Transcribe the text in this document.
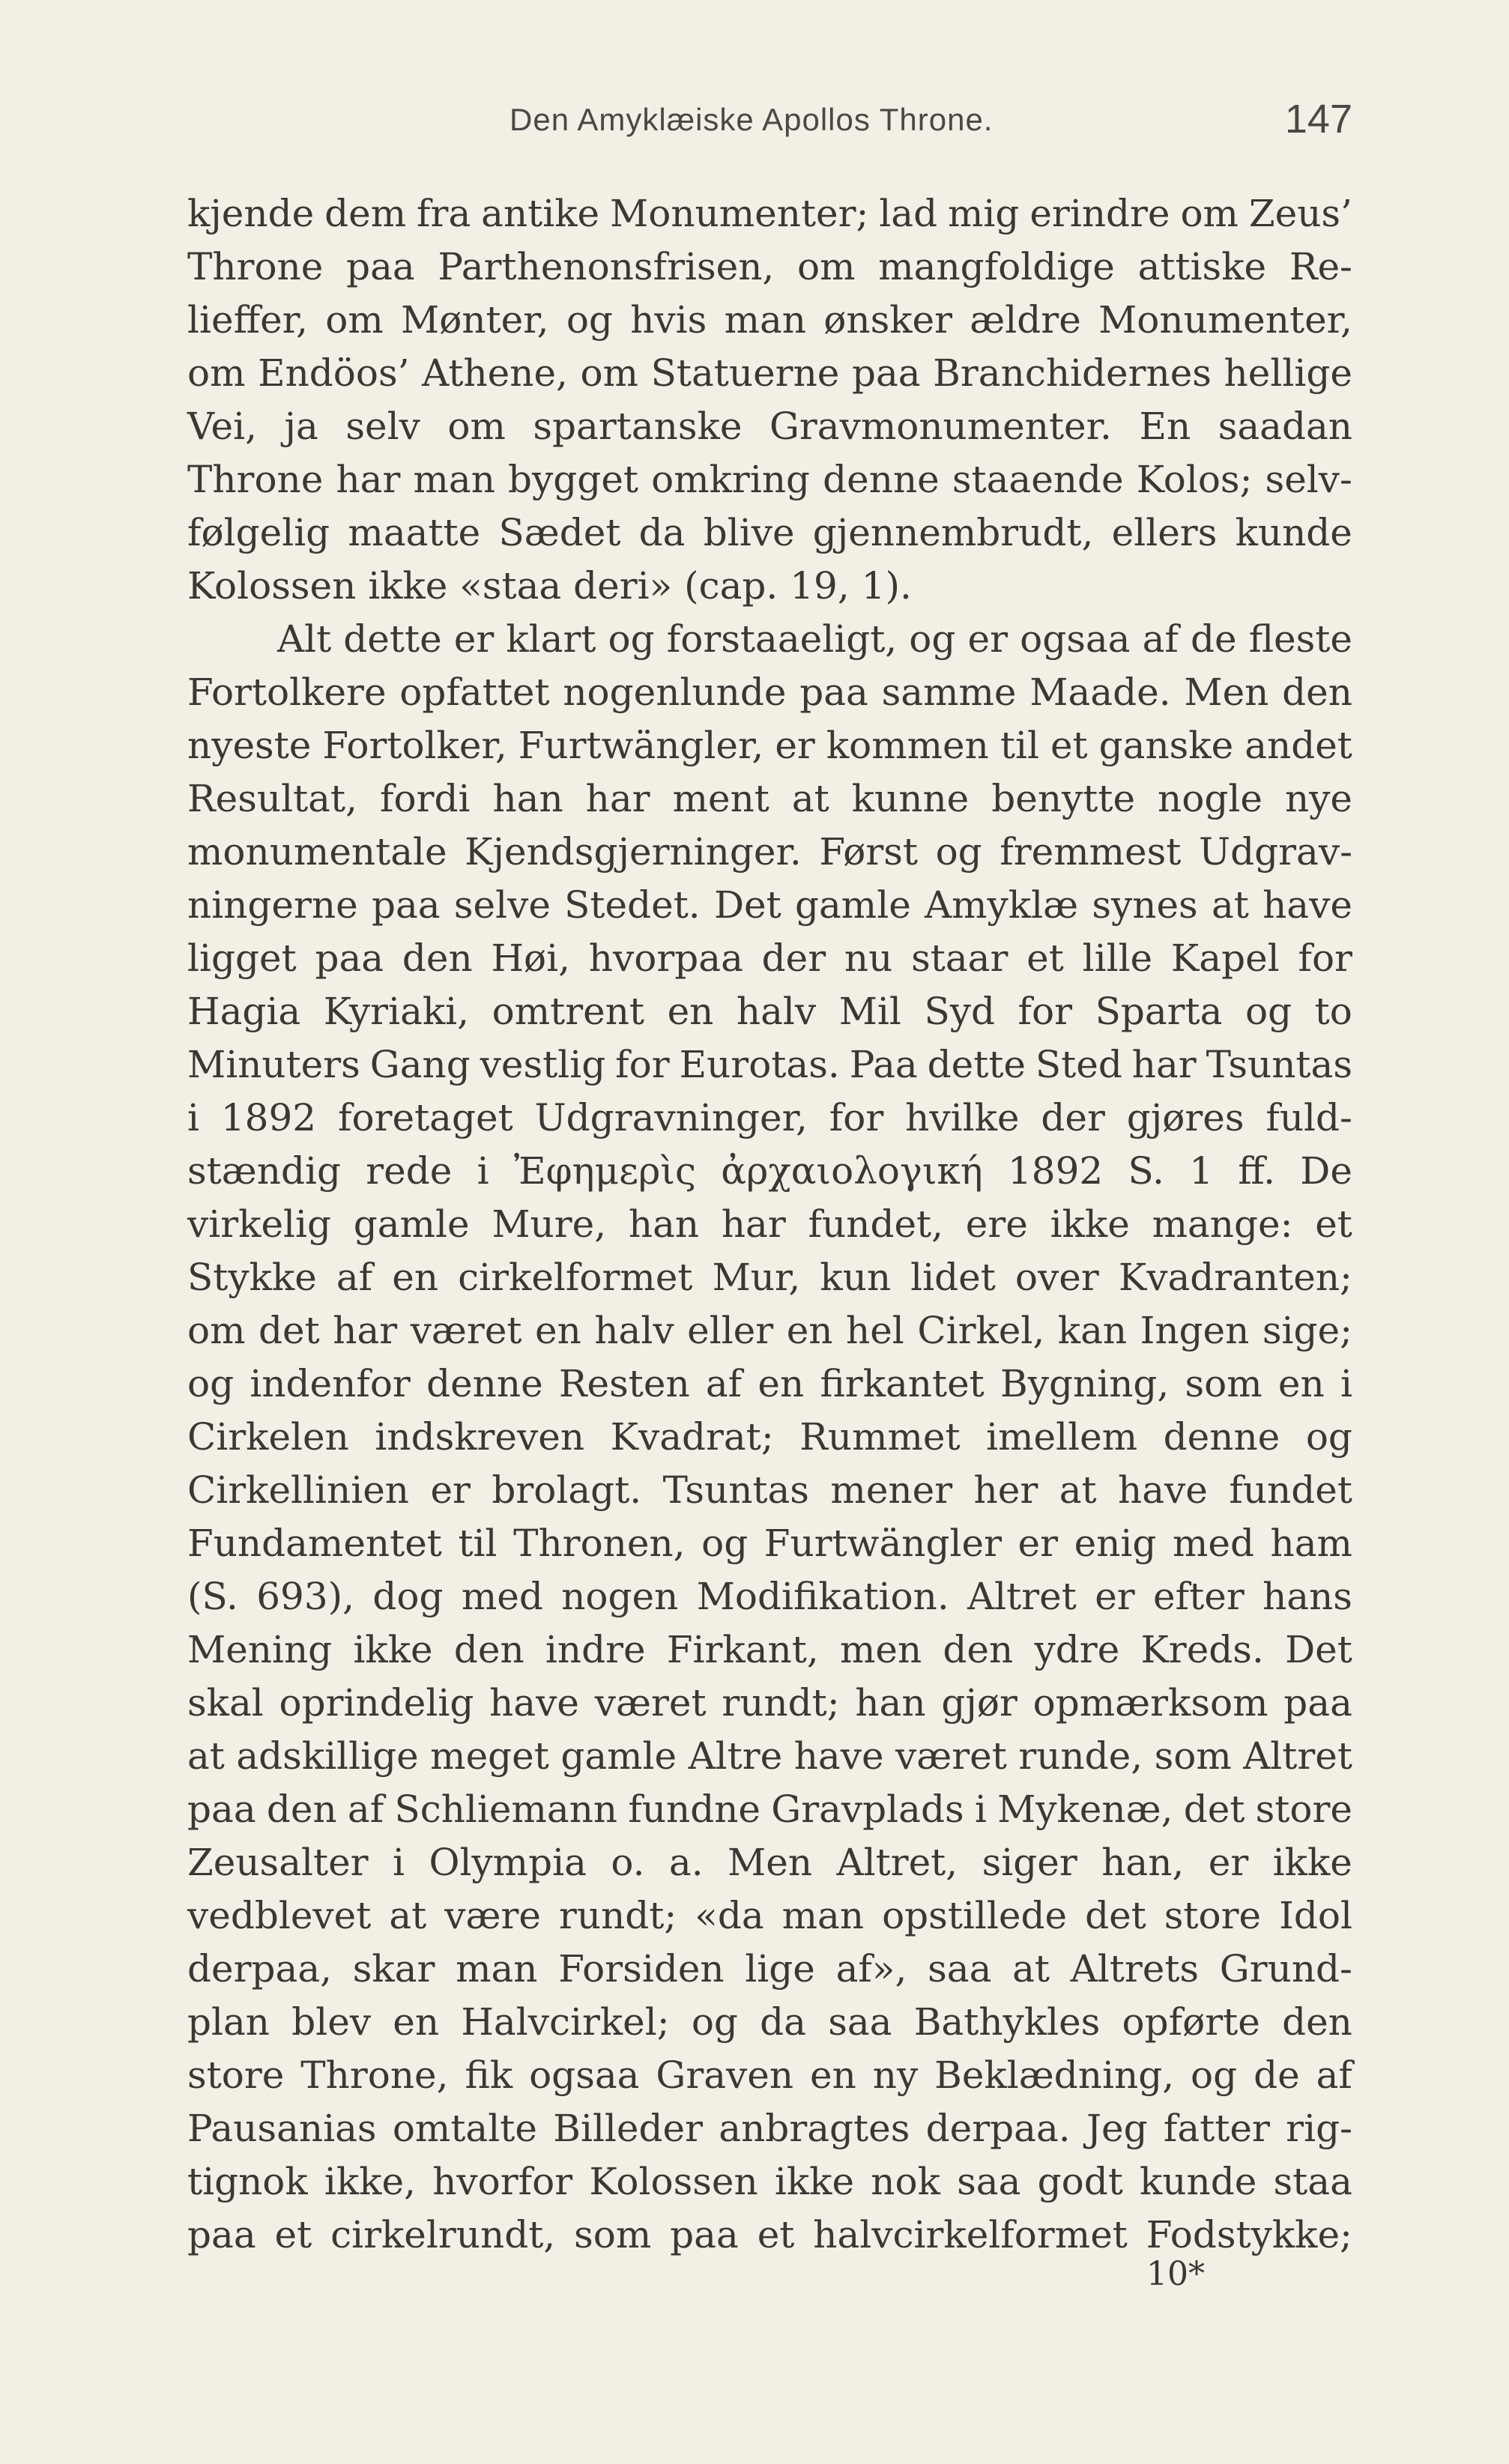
Den Amyklæiske Apollos Throne.	147
kjende dem fra antike Monumenter; lad mig erindre om Zeus’
Throne paa Parthenonsfrisen, om mangfoldige attiske Re-
lieffer, om Mønter, og hvis man ønsker ældre Monumenter,
om Endöos’ Athene, om Statuerne paa Branchidernes hellige
Vei, ja selv om spartanske Gravmonumenter. En saadan
Throne har man bygget omkring denne staaende Kolos; selv-
følgelig maatte Sædet da blive gjennembrudt, ellers kunde
Kolossen ikke «staa deri» (cap. 19, 1).
Alt dette er klart og forstaaeligt, og er ogsaa af de fleste
Fortolkere opfattet nogenlunde paa samme Maade. Men den
nyeste Fortolker, Furtwängler, er kommen til et ganske andet
Resultat, fordi han har ment at kunne benytte nogle nye
monumentale Kjendsgjerninger. Først og fremmest Udgrav-
ningerne paa selve Stedet. Det gamle Amyklæ synes at have
ligget paa den Høi, hvorpaa der nu staar et lille Kapel for
Hagia Kyriaki, omtrent en halv Mil Syd for Sparta og to
Minuters Gang vestlig for Eurotas. Paa dette Sted har Tsuntas
i 1892 foretaget Udgravninger, for hvilke der gjøres fuld-
stændig rede i Ἐφημερὶς ἀρχαιολογική 1892 S. 1 ff. De
virkelig gamle Mure, han har fundet, ere ikke mange: et
Stykke af en cirkelformet Mur, kun lidet over Kvadranten;
om det har været en halv eller en hel Cirkel, kan Ingen sige;
og indenfor denne Resten af en firkantet Bygning, som en i
Cirkelen indskreven Kvadrat; Rummet imellem denne og
Cirkellinien er brolagt. Tsuntas mener her at have fundet
Fundamentet til Thronen, og Furtwängler er enig med ham
(S. 693), dog med nogen Modifikation. Altret er efter hans
Mening ikke den indre Firkant, men den ydre Kreds. Det
skal oprindelig have været rundt; han gjør opmærksom paa
at adskillige meget gamle Altre have været runde, som Altret
paa den af Schliemann fundne Gravplads i Mykenæ, det store
Zeusalter i Olympia o. a. Men Altret, siger han, er ikke
vedblevet at være rundt; «da man opstillede det store Idol
derpaa, skar man Forsiden lige af», saa at Altrets Grund-
plan blev en Halvcirkel; og da saa Bathykles opførte den
store Throne, fik ogsaa Graven en ny Beklædning, og de af
Pausanias omtalte Billeder anbragtes derpaa. Jeg fatter rig-
tignok ikke, hvorfor Kolossen ikke nok saa godt kunde staa
paa et cirkelrundt, som paa et halvcirkelformet Fodstykke;
10*
